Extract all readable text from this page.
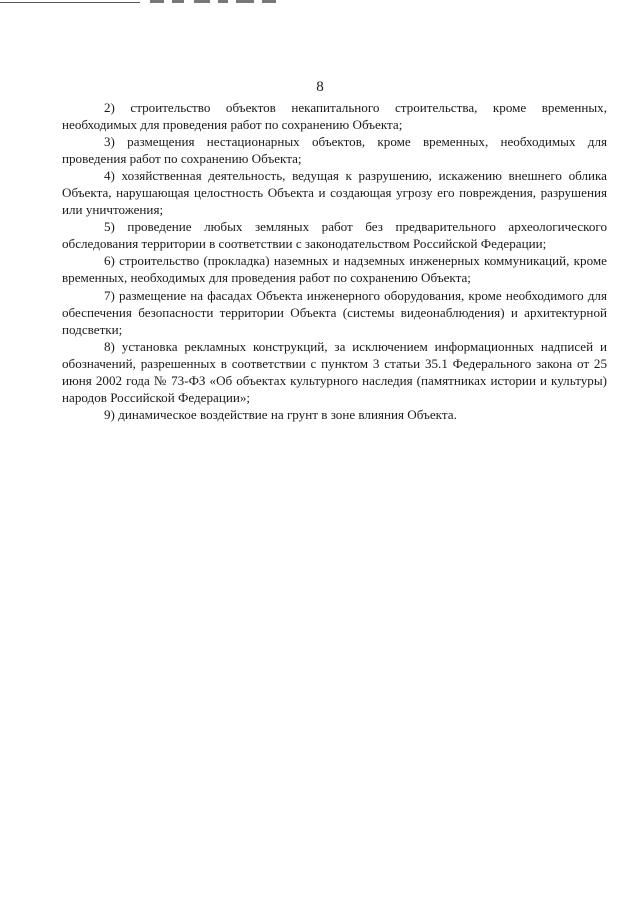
8

2) строительство объектов некапитального строительства, кроме временных, необходимых для проведения работ по сохранению Объекта;

3) размещения нестационарных объектов, кроме временных, необходимых для проведения работ по сохранению Объекта;

4) хозяйственная деятельность, ведущая к разрушению, искажению внешнего облика Объекта, нарушающая целостность Объекта и создающая угрозу его повреждения, разрушения или уничтожения;

5) проведение любых земляных работ без предварительного археологического обследования территории в соответствии с законодательством Российской Федерации;

6) строительство (прокладка) наземных и надземных инженерных коммуникаций, кроме временных, необходимых для проведения работ по сохранению Объекта;

7) размещение на фасадах Объекта инженерного оборудования, кроме необходимого для обеспечения безопасности территории Объекта (системы видеонаблюдения) и архитектурной подсветки;

8) установка рекламных конструкций, за исключением информационных надписей и обозначений, разрешенных в соответствии с пунктом 3 статьи 35.1 Федерального закона от 25 июня 2002 года № 73-ФЗ «Об объектах культурного наследия (памятниках истории и культуры) народов Российской Федерации»;

9) динамическое воздействие на грунт в зоне влияния Объекта.
